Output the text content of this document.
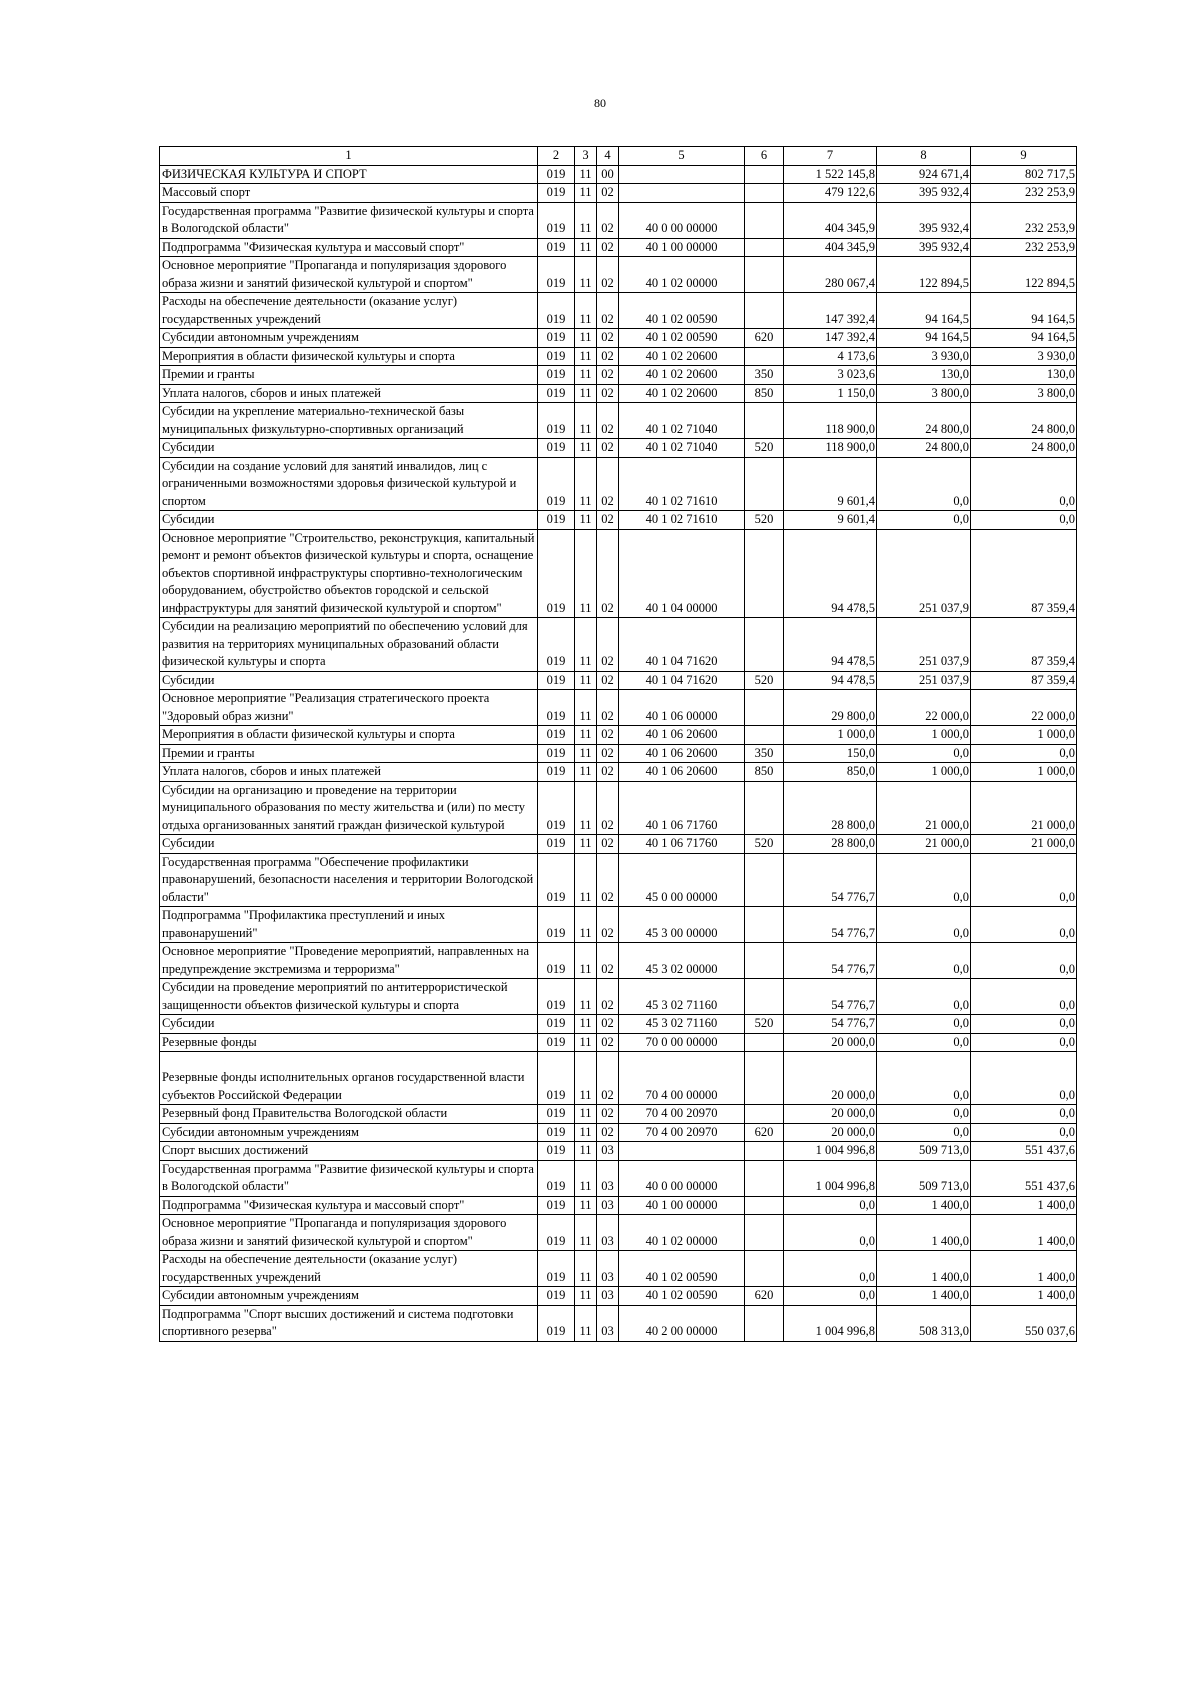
80
1	2	3	4	5	6	7	8	9
ФИЗИЧЕСКАЯ КУЛЬТУРА И СПОРТ	019	11	00			1 522 145,8	924 671,4	802 717,5
Массовый спорт	019	11	02			479 122,6	395 932,4	232 253,9
Государственная программа "Развитие физической культуры и спорта в Вологодской области"	019	11	02	40 0 00 00000		404 345,9	395 932,4	232 253,9
Подпрограмма "Физическая культура и массовый спорт"	019	11	02	40 1 00 00000		404 345,9	395 932,4	232 253,9
Основное мероприятие "Пропаганда и популяризация здорового образа жизни и занятий физической культурой и спортом"	019	11	02	40 1 02 00000		280 067,4	122 894,5	122 894,5
Расходы на обеспечение деятельности (оказание услуг) государственных учреждений	019	11	02	40 1 02 00590		147 392,4	94 164,5	94 164,5
Субсидии автономным учреждениям	019	11	02	40 1 02 00590	620	147 392,4	94 164,5	94 164,5
Мероприятия в области физической культуры и спорта	019	11	02	40 1 02 20600		4 173,6	3 930,0	3 930,0
Премии и гранты	019	11	02	40 1 02 20600	350	3 023,6	130,0	130,0
Уплата налогов, сборов и иных платежей	019	11	02	40 1 02 20600	850	1 150,0	3 800,0	3 800,0
Субсидии на укрепление материально-технической базы муниципальных физкультурно-спортивных организаций	019	11	02	40 1 02 71040		118 900,0	24 800,0	24 800,0
Субсидии	019	11	02	40 1 02 71040	520	118 900,0	24 800,0	24 800,0
Субсидии на создание условий для занятий инвалидов, лиц с ограниченными возможностями здоровья физической культурой и спортом	019	11	02	40 1 02 71610		9 601,4	0,0	0,0
Субсидии	019	11	02	40 1 02 71610	520	9 601,4	0,0	0,0
Основное мероприятие "Строительство, реконструкция, капитальный ремонт и ремонт объектов физической культуры и спорта, оснащение объектов спортивной инфраструктуры спортивно-технологическим оборудованием, обустройство объектов городской и сельской инфраструктуры для занятий физической культурой и спортом"	019	11	02	40 1 04 00000		94 478,5	251 037,9	87 359,4
Субсидии на реализацию мероприятий по обеспечению условий для развития на территориях муниципальных образований области физической культуры и спорта	019	11	02	40 1 04 71620		94 478,5	251 037,9	87 359,4
Субсидии	019	11	02	40 1 04 71620	520	94 478,5	251 037,9	87 359,4
Основное мероприятие "Реализация стратегического проекта "Здоровый образ жизни"	019	11	02	40 1 06 00000		29 800,0	22 000,0	22 000,0
Мероприятия в области физической культуры и спорта	019	11	02	40 1 06 20600		1 000,0	1 000,0	1 000,0
Премии и гранты	019	11	02	40 1 06 20600	350	150,0	0,0	0,0
Уплата налогов, сборов и иных платежей	019	11	02	40 1 06 20600	850	850,0	1 000,0	1 000,0
Субсидии на организацию и проведение на территории муниципального образования по месту жительства и (или) по месту отдыха организованных занятий граждан физической культурой	019	11	02	40 1 06 71760		28 800,0	21 000,0	21 000,0
Субсидии	019	11	02	40 1 06 71760	520	28 800,0	21 000,0	21 000,0
Государственная программа "Обеспечение профилактики правонарушений, безопасности населения и территории Вологодской области"	019	11	02	45 0 00 00000		54 776,7	0,0	0,0
Подпрограмма "Профилактика преступлений и иных правонарушений"	019	11	02	45 3 00 00000		54 776,7	0,0	0,0
Основное мероприятие "Проведение мероприятий, направленных на предупреждение экстремизма и терроризма"	019	11	02	45 3 02 00000		54 776,7	0,0	0,0
Субсидии на проведение мероприятий по антитеррористической защищенности объектов физической культуры и спорта	019	11	02	45 3 02 71160		54 776,7	0,0	0,0
Субсидии	019	11	02	45 3 02 71160	520	54 776,7	0,0	0,0
Резервные фонды	019	11	02	70 0 00 00000		20 000,0	0,0	0,0
Резервные фонды исполнительных органов государственной власти субъектов Российской Федерации	019	11	02	70 4 00 00000		20 000,0	0,0	0,0
Резервный фонд Правительства Вологодской области	019	11	02	70 4 00 20970		20 000,0	0,0	0,0
Субсидии автономным учреждениям	019	11	02	70 4 00 20970	620	20 000,0	0,0	0,0
Спорт высших достижений	019	11	03			1 004 996,8	509 713,0	551 437,6
Государственная программа "Развитие физической культуры и спорта в Вологодской области"	019	11	03	40 0 00 00000		1 004 996,8	509 713,0	551 437,6
Подпрограмма "Физическая культура и массовый спорт"	019	11	03	40 1 00 00000		0,0	1 400,0	1 400,0
Основное мероприятие "Пропаганда и популяризация здорового образа жизни и занятий физической культурой и спортом"	019	11	03	40 1 02 00000		0,0	1 400,0	1 400,0
Расходы на обеспечение деятельности (оказание услуг) государственных учреждений	019	11	03	40 1 02 00590		0,0	1 400,0	1 400,0
Субсидии автономным учреждениям	019	11	03	40 1 02 00590	620	0,0	1 400,0	1 400,0
Подпрограмма "Спорт высших достижений и система подготовки спортивного резерва"	019	11	03	40 2 00 00000		1 004 996,8	508 313,0	550 037,6
